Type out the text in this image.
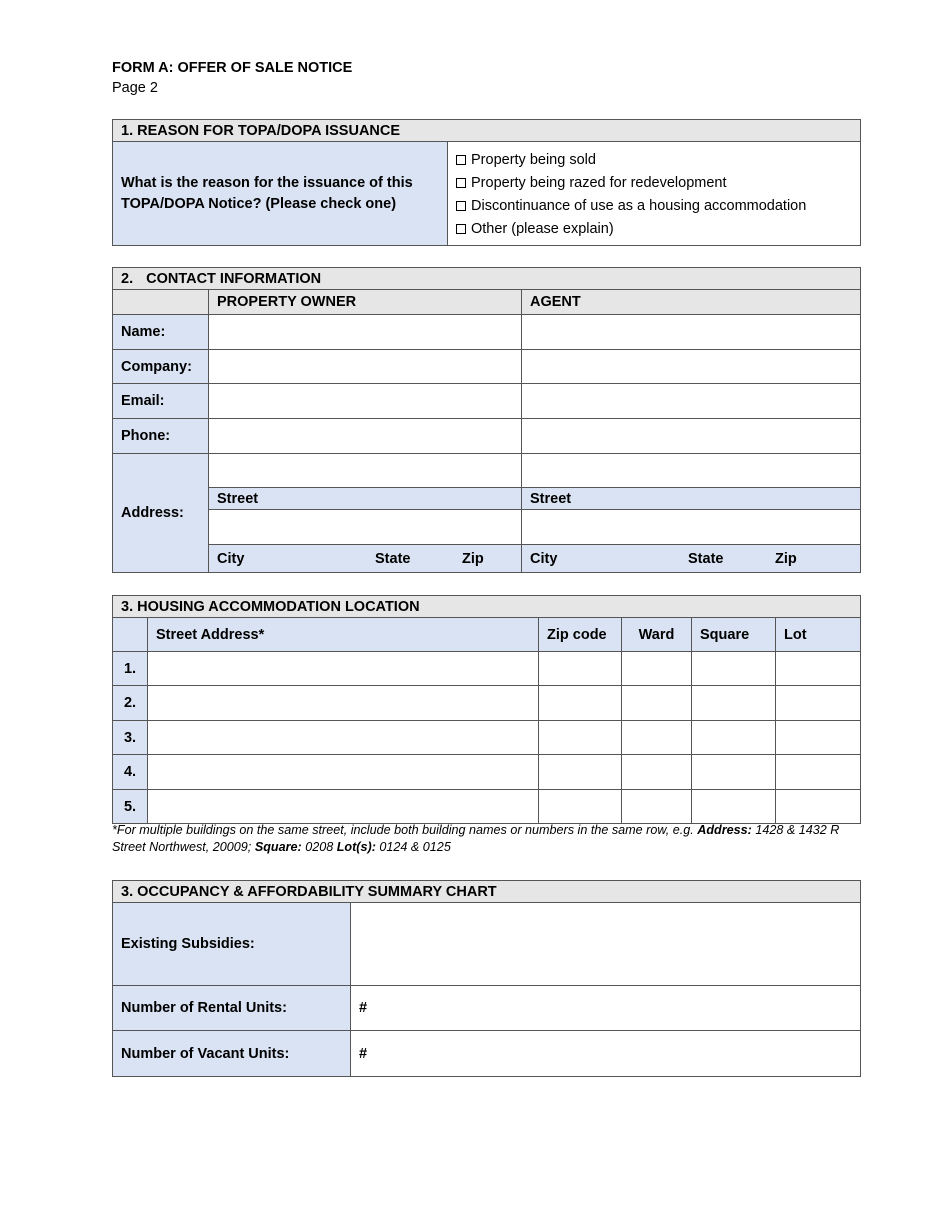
FORM A: OFFER OF SALE NOTICE
Page 2
1. REASON FOR TOPA/DOPA ISSUANCE
What is the reason for the issuance of this TOPA/DOPA Notice? (Please check one)	
Property being sold
Property being razed for redevelopment
Discontinuance of use as a housing accommodation
Other (please explain)
2. CONTACT INFORMATION		
	PROPERTY OWNER	AGENT
Name:		
Company:		
Email:		
Phone:		
Address:		
	Street	Street

	City State Zip	City State Zip
3. HOUSING ACCOMMODATION LOCATION					
	Street Address*	Zip code	Ward	Square	Lot
1.					
2.					
3.					
4.					
5.					
*For multiple buildings on the same street, include both building names or numbers in the same row, e.g. Address: 1428 & 1432 R Street Northwest, 20009; Square: 0208 Lot(s): 0124 & 0125
3. OCCUPANCY & AFFORDABILITY SUMMARY CHART	
Existing Subsidies:	
Number of Rental Units:	#
Number of Vacant Units:	#
